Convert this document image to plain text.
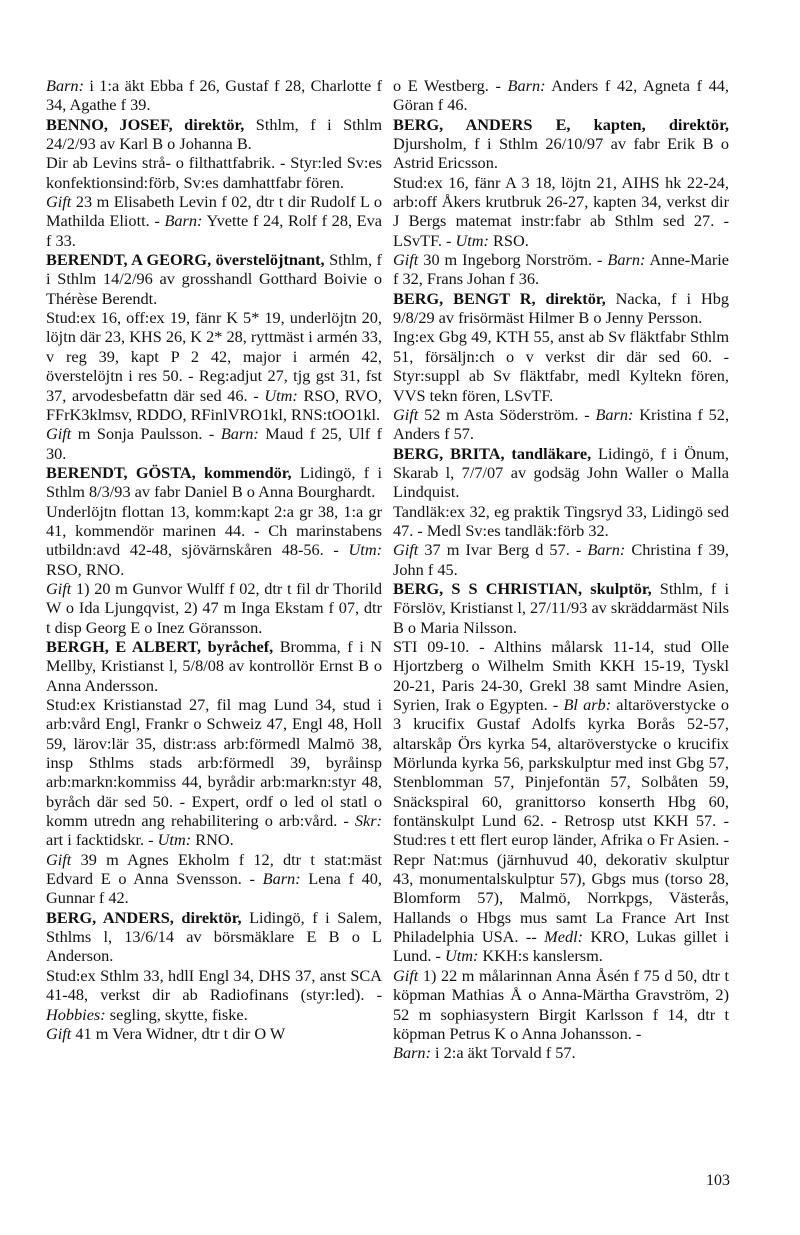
Barn: i 1:a äkt Ebba f 26, Gustaf f 28, Charlotte f 34, Agathe f 39.
BENNO, JOSEF, direktör, Sthlm, f i Sthlm 24/2/93 av Karl B o Johanna B.
Dir ab Levins strå- o filthattfabrik. - Styr:led Sv:es konfektionsind:förb, Sv:es damhattfabr fören.
Gift 23 m Elisabeth Levin f 02, dtr t dir Rudolf L o Mathilda Eliott. - Barn: Yvette f 24, Rolf f 28, Eva f 33.
BERENDT, A GEORG, överstelöjtnant, Sthlm, f i Sthlm 14/2/96 av grosshandl Gotthard Boivie o Thérèse Berendt.
Stud:ex 16, off:ex 19, fänr K 5* 19, underlöjtn 20, löjtn där 23, KHS 26, K 2* 28, ryttmäst i armén 33, v reg 39, kapt P 2 42, major i armén 42, överstelöjtn i res 50. - Reg:adjut 27, tjg gst 31, fst 37, arvodesbefattn där sed 46. - Utm: RSO, RVO, FFrK3klmsv, RDDO, RFinlVRO1kl, RNS:tOO1kl.
Gift m Sonja Paulsson. - Barn: Maud f 25, Ulf f 30.
BERENDT, GÖSTA, kommendör, Lidingö, f i Sthlm 8/3/93 av fabr Daniel B o Anna Bourghardt.
Underlöjtn flottan 13, komm:kapt 2:a gr 38, 1:a gr 41, kommendör marinen 44. - Ch marinstabens utbildn:avd 42-48, sjövärnskåren 48-56. - Utm: RSO, RNO.
Gift 1) 20 m Gunvor Wulff f 02, dtr t fil dr Thorild W o Ida Ljungqvist, 2) 47 m Inga Ekstam f 07, dtr t disp Georg E o Inez Göransson.
BERGH, E ALBERT, byråchef, Bromma, f i N Mellby, Kristianst l, 5/8/08 av kontrollör Ernst B o Anna Andersson.
Stud:ex Kristianstad 27, fil mag Lund 34, stud i arb:vård Engl, Frankr o Schweiz 47, Engl 48, Holl 59, lärov:lär 35, distr:ass arb:förmedl Malmö 38, insp Sthlms stads arb:förmedl 39, byråinsp arb:markn:kommiss 44, byrådir arb:markn:styr 48, byråch där sed 50. - Expert, ordf o led ol statl o komm utredn ang rehabilitering o arb:vård. - Skr: art i facktidskr. - Utm: RNO.
Gift 39 m Agnes Ekholm f 12, dtr t stat:mäst Edvard E o Anna Svensson. - Barn: Lena f 40, Gunnar f 42.
BERG, ANDERS, direktör, Lidingö, f i Salem, Sthlms l, 13/6/14 av börsmäklare E B o L Anderson.
Stud:ex Sthlm 33, hdlI Engl 34, DHS 37, anst SCA 41-48, verkst dir ab Radiofinans (styr:led). - Hobbies: segling, skytte, fiske.
Gift 41 m Vera Widner, dtr t dir O W
o E Westberg. - Barn: Anders f 42, Agneta f 44, Göran f 46.
BERG, ANDERS E, kapten, direktör, Djursholm, f i Sthlm 26/10/97 av fabr Erik B o Astrid Ericsson.
Stud:ex 16, fänr A 3 18, löjtn 21, AIHS hk 22-24, arb:off Åkers krutbruk 26-27, kapten 34, verkst dir J Bergs matemat instr:fabr ab Sthlm sed 27. - LSvTF. - Utm: RSO.
Gift 30 m Ingeborg Norström. - Barn: Anne-Marie f 32, Frans Johan f 36.
BERG, BENGT R, direktör, Nacka, f i Hbg 9/8/29 av frisörmäst Hilmer B o Jenny Persson.
Ing:ex Gbg 49, KTH 55, anst ab Sv fläktfabr Sthlm 51, försäljn:ch o v verkst dir där sed 60. - Styr:suppl ab Sv fläktfabr, medl Kyltekn fören, VVS tekn fören, LSvTF.
Gift 52 m Asta Söderström. - Barn: Kristina f 52, Anders f 57.
BERG, BRITA, tandläkare, Lidingö, f i Önum, Skarab l, 7/7/07 av godsäg John Waller o Malla Lindquist.
Tandläk:ex 32, eg praktik Tingsryd 33, Lidingö sed 47. - Medl Sv:es tandläk:förb 32.
Gift 37 m Ivar Berg d 57. - Barn: Christina f 39, John f 45.
BERG, S S CHRISTIAN, skulptör, Sthlm, f i Förslöv, Kristianst l, 27/11/93 av skräddarmäst Nils B o Maria Nilsson.
STI 09-10. - Althins målarsk 11-14, stud Olle Hjortzberg o Wilhelm Smith KKH 15-19, Tyskl 20-21, Paris 24-30, Grekl 38 samt Mindre Asien, Syrien, Irak o Egypten. - Bl arb: altaröverstycke o 3 krucifix Gustaf Adolfs kyrka Borås 52-57, altarskåp Örs kyrka 54, altaröverstycke o krucifix Mörlunda kyrka 56, parkskulptur med inst Gbg 57, Stenblomman 57, Pinjefontän 57, Solbåten 59, Snäckspiral 60, granittorso konserth Hbg 60, fontänskulpt Lund 62. - Retrosp utst KKH 57. - Stud:res t ett flert europ länder, Afrika o Fr Asien. - Repr Nat:mus (järnhuvud 40, dekorativ skulptur 43, monumentalskulptur 57), Gbgs mus (torso 28, Blomform 57), Malmö, Norrkpgs, Västerås, Hallands o Hbgs mus samt La France Art Inst Philadelphia USA. -- Medl: KRO, Lukas gillet i Lund. - Utm: KKH:s kanslersm.
Gift 1) 22 m målarinnan Anna Åsén f 75 d 50, dtr t köpman Mathias Å o Anna-Märtha Gravström, 2) 52 m sophiasystern Birgit Karlsson f 14, dtr t köpman Petrus K o Anna Johansson. -
Barn: i 2:a äkt Torvald f 57.
103
